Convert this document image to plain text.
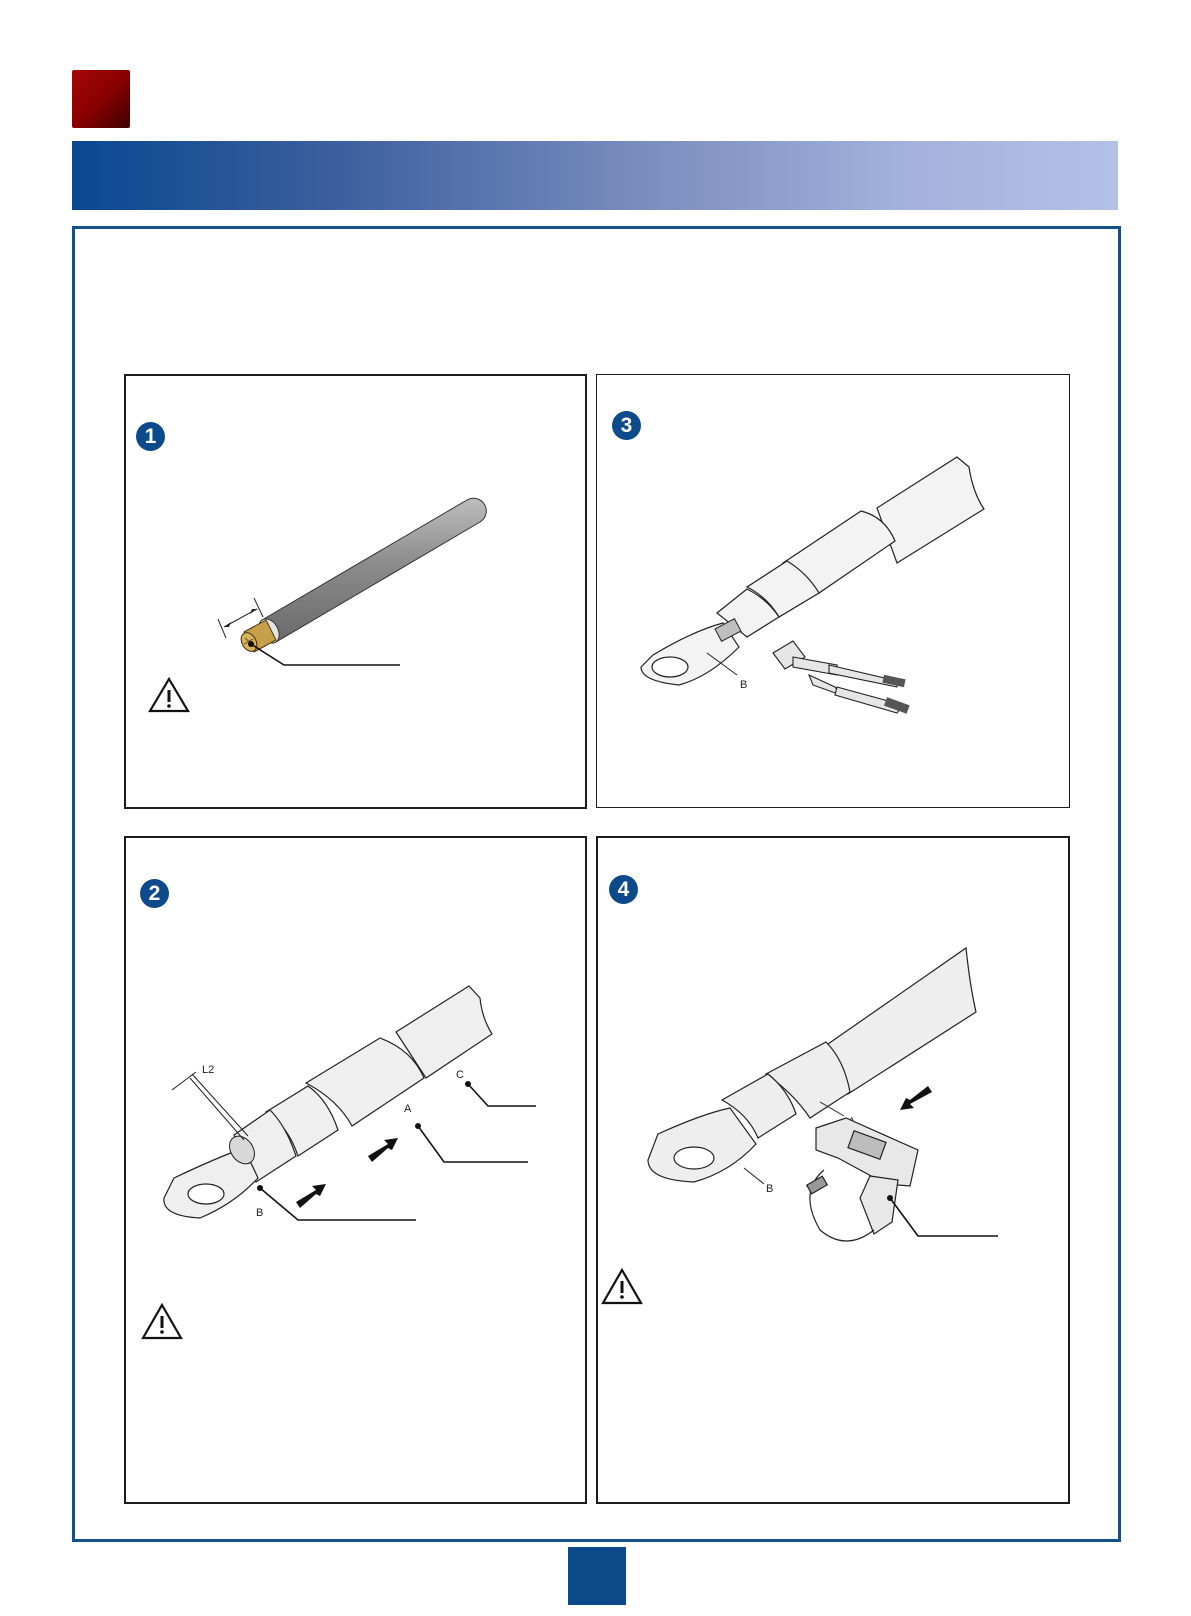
1	3
B
2
L2
A
B
C
4
B
